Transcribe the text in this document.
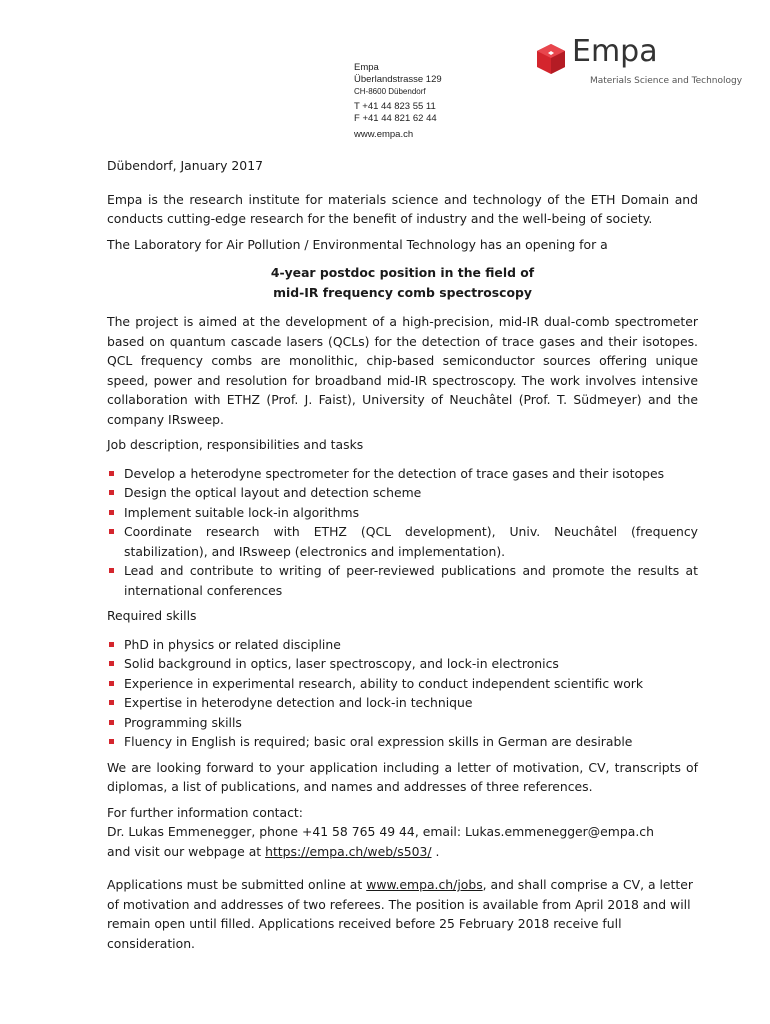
Empa
Überlandstrasse 129
CH-8600 Dübendorf
T +41 44 823 55 11
F +41 44 821 62 44
www.empa.ch
Empa
Materials Science and Technology

Dübendorf, January 2017

Empa is the research institute for materials science and technology of the ETH Domain and conducts cutting-edge research for the benefit of industry and the well-being of society.

The Laboratory for Air Pollution / Environmental Technology has an opening for a

4-year postdoc position in the field of
mid-IR frequency comb spectroscopy

The project is aimed at the development of a high-precision, mid-IR dual-comb spectrometer based on quantum cascade lasers (QCLs) for the detection of trace gases and their isotopes. QCL frequency combs are monolithic, chip-based semiconductor sources offering unique speed, power and resolution for broadband mid-IR spectroscopy. The work involves intensive collaboration with ETHZ (Prof. J. Faist), University of Neuchâtel (Prof. T. Südmeyer) and the company IRsweep.

Job description, responsibilities and tasks

Develop a heterodyne spectrometer for the detection of trace gases and their isotopes
Design the optical layout and detection scheme
Implement suitable lock-in algorithms
Coordinate research with ETHZ (QCL development), Univ. Neuchâtel (frequency stabilization), and IRsweep (electronics and implementation).
Lead and contribute to writing of peer-reviewed publications and promote the results at international conferences

Required skills

PhD in physics or related discipline
Solid background in optics, laser spectroscopy, and lock-in electronics
Experience in experimental research, ability to conduct independent scientific work
Expertise in heterodyne detection and lock-in technique
Programming skills
Fluency in English is required; basic oral expression skills in German are desirable

We are looking forward to your application including a letter of motivation, CV, transcripts of diplomas, a list of publications, and names and addresses of three references.

For further information contact:

Dr. Lukas Emmenegger, phone +41 58 765 49 44, email: Lukas.emmenegger@empa.ch

and visit our webpage at https://empa.ch/web/s503/ .

Applications must be submitted online at www.empa.ch/jobs, and shall comprise a CV, a letter of motivation and addresses of two referees. The position is available from April 2018 and will remain open until filled. Applications received before 25 February 2018 receive full consideration.
